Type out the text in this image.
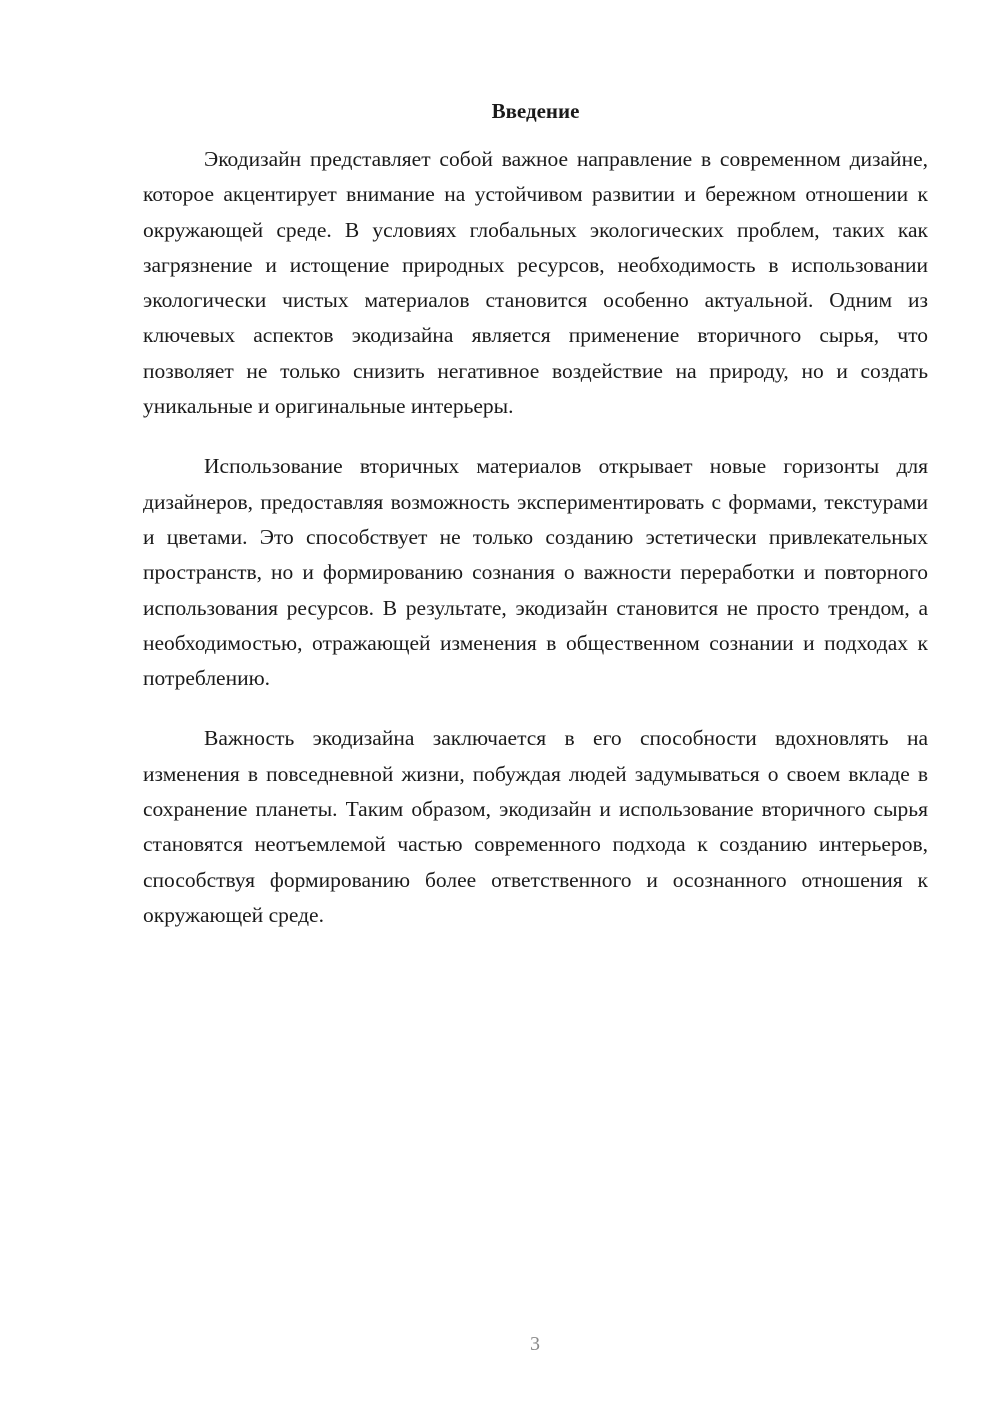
Введение

Экодизайн представляет собой важное направление в современном дизайне, которое акцентирует внимание на устойчивом развитии и бережном отношении к окружающей среде. В условиях глобальных экологических проблем, таких как загрязнение и истощение природных ресурсов, необходимость в использовании экологически чистых материалов становится особенно актуальной. Одним из ключевых аспектов экодизайна является применение вторичного сырья, что позволяет не только снизить негативное воздействие на природу, но и создать уникальные и оригинальные интерьеры.

Использование вторичных материалов открывает новые горизонты для дизайнеров, предоставляя возможность экспериментировать с формами, текстурами и цветами. Это способствует не только созданию эстетически привлекательных пространств, но и формированию сознания о важности переработки и повторного использования ресурсов. В результате, экодизайн становится не просто трендом, а необходимостью, отражающей изменения в общественном сознании и подходах к потреблению.

Важность экодизайна заключается в его способности вдохновлять на изменения в повседневной жизни, побуждая людей задумываться о своем вкладе в сохранение планеты. Таким образом, экодизайн и использование вторичного сырья становятся неотъемлемой частью современного подхода к созданию интерьеров, способствуя формированию более ответственного и осознанного отношения к окружающей среде.

3
